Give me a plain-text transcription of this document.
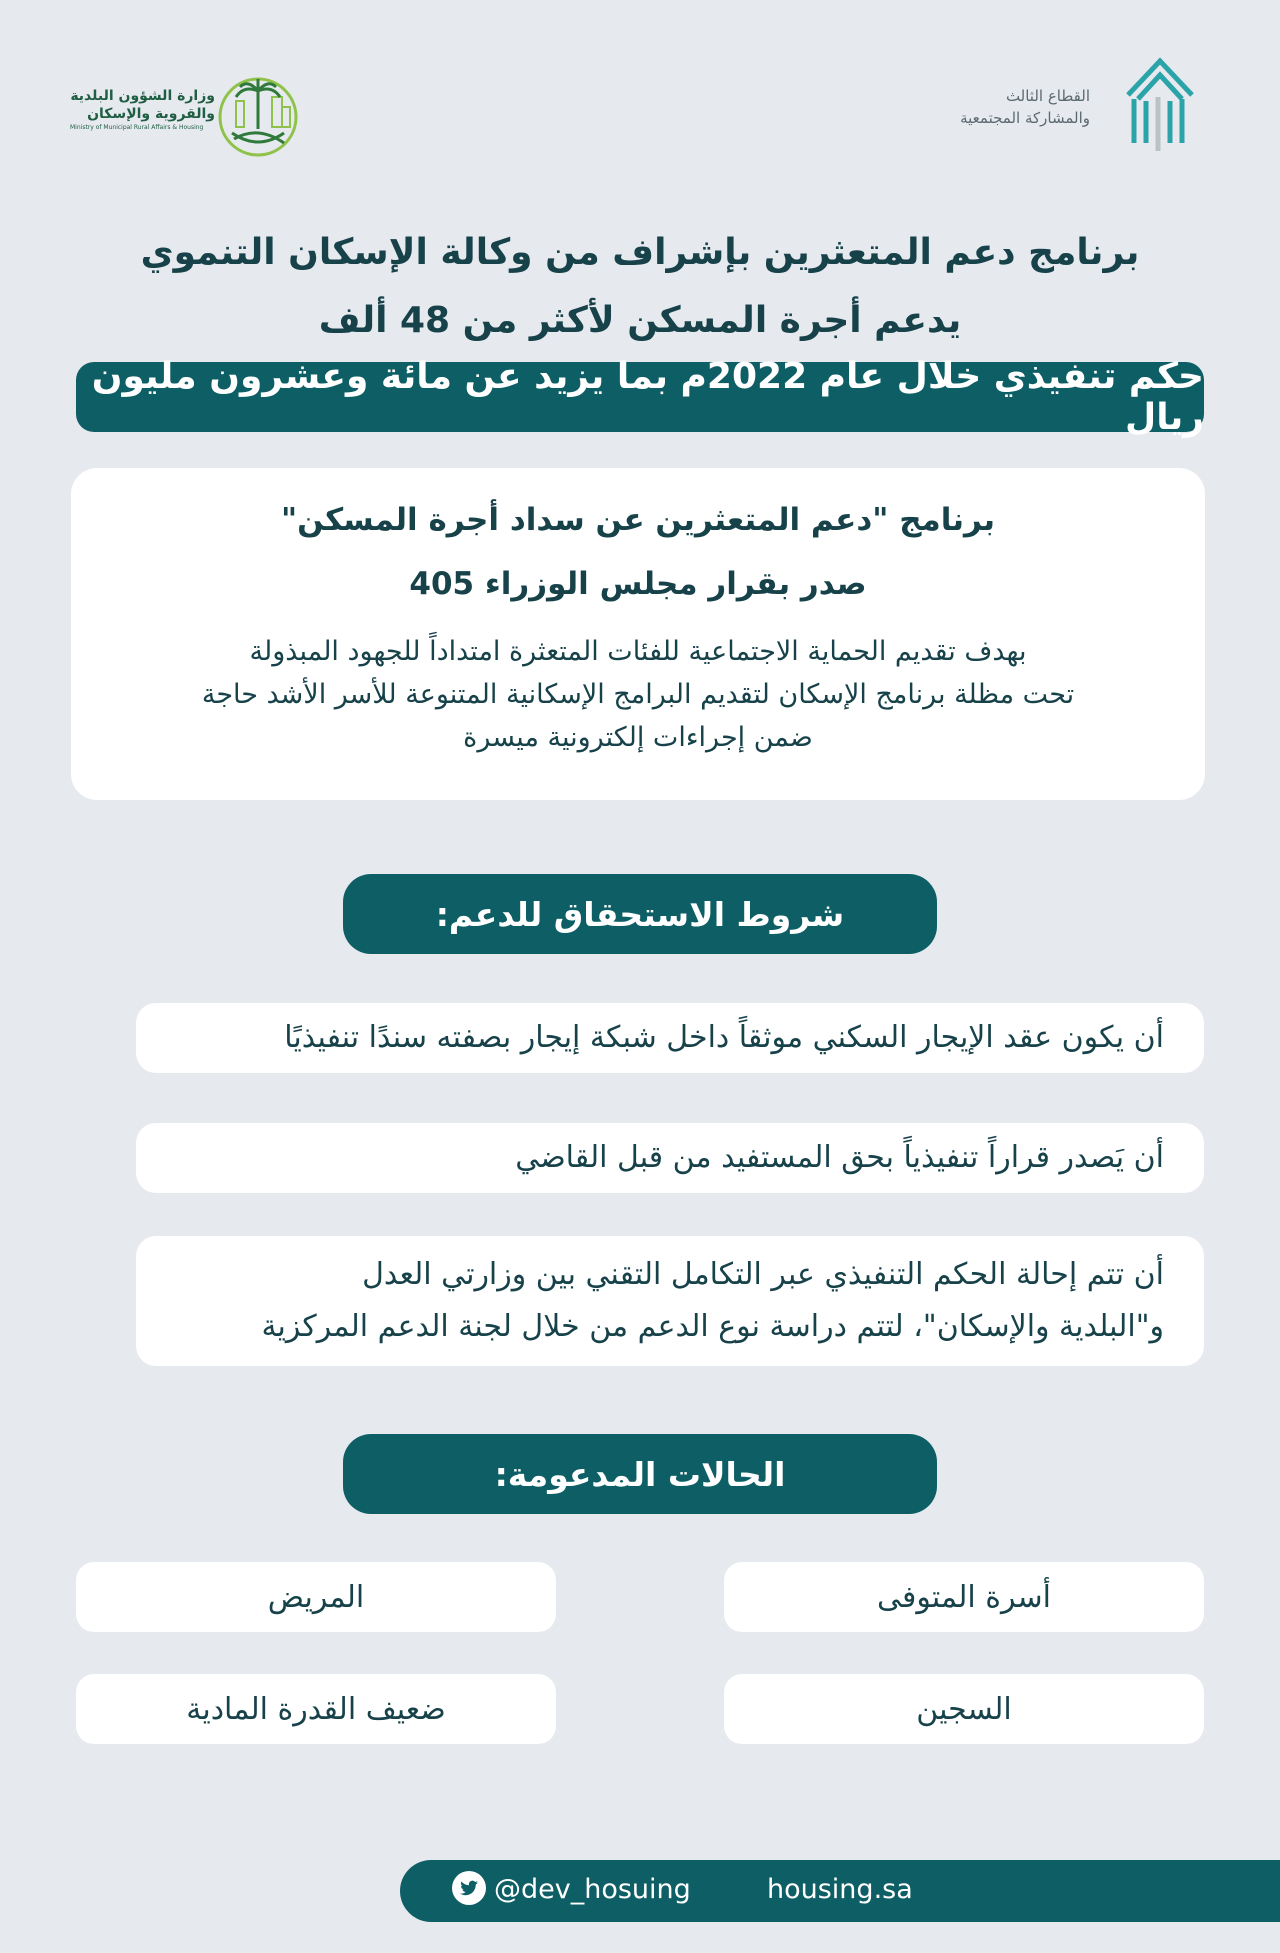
وزارة الشؤون البلدية
والقروية والإسكان
Ministry of Municipal Rural Affairs & Housing
القطاع الثالث
والمشاركة المجتمعية
برنامج دعم المتعثرين بإشراف من وكالة الإسكان التنموي
يدعم أجرة المسكن لأكثر من 48 ألف
حكم تنفيذي خلال عام 2022م بما يزيد عن مائة وعشرون مليون ريال
برنامج "دعم المتعثرين عن سداد أجرة المسكن"
صدر بقرار مجلس الوزراء 405
بهدف تقديم الحماية الاجتماعية للفئات المتعثرة امتداداً للجهود المبذولة
تحت مظلة برنامج الإسكان لتقديم البرامج الإسكانية المتنوعة للأسر الأشد حاجة
ضمن إجراءات إلكترونية ميسرة
شروط الاستحقاق للدعم:
أن يكون عقد الإيجار السكني موثقاً داخل شبكة إيجار بصفته سندًا تنفيذيًا
أن يَصدر قراراً تنفيذياً بحق المستفيد من قبل القاضي
أن تتم إحالة الحكم التنفيذي عبر التكامل التقني بين وزارتي العدل
و"البلدية والإسكان"، لتتم دراسة نوع الدعم من خلال لجنة الدعم المركزية
الحالات المدعومة:
أسرة المتوفى
المريض
السجين
ضعيف القدرة المادية
@dev_hosuing	housing.sa
